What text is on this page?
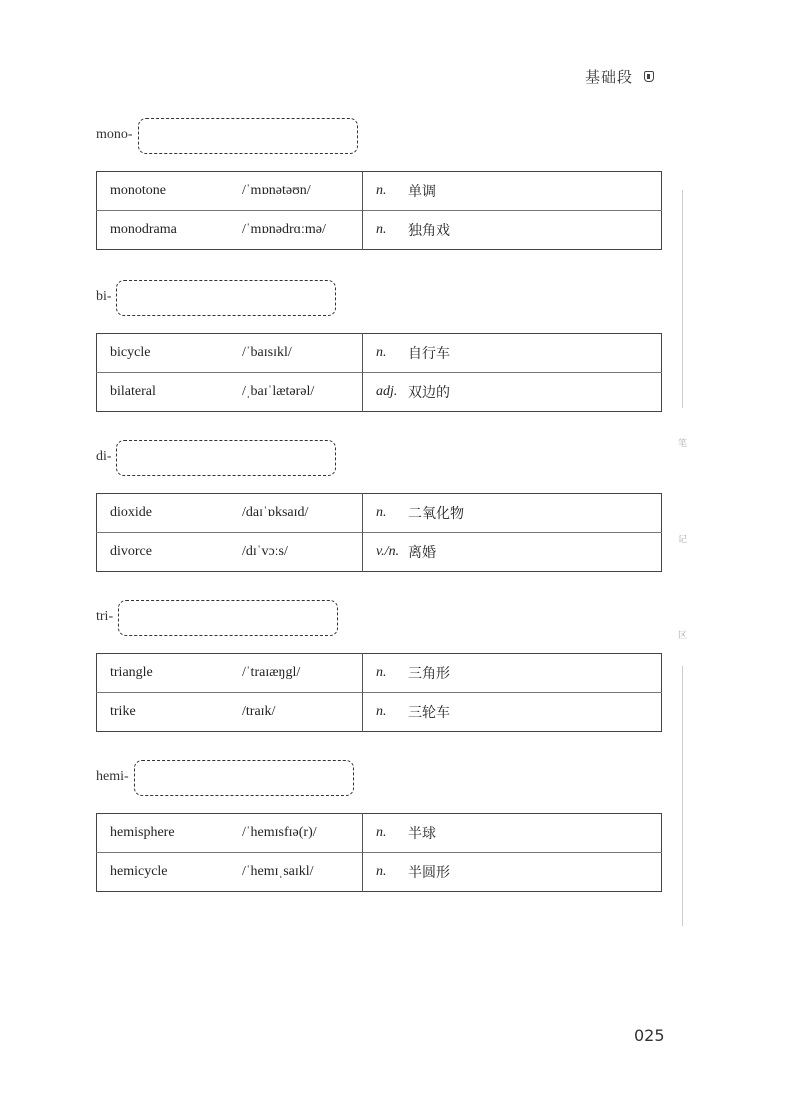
基础段
mono-
monotone	/ˈmɒnətəʊn/	n.	单调
monodrama	/ˈmɒnədrɑːmə/	n.	独角戏
bi-
bicycle	/ˈbaɪsɪkl/	n.	自行车
bilateral	/ˌbaɪˈlætərəl/	adj.	双边的
di-
dioxide	/daɪˈɒksaɪd/	n.	二氧化物
divorce	/dɪˈvɔːs/	v./n.	离婚
tri-
triangle	/ˈtraɪæŋgl/	n.	三角形
trike	/traɪk/	n.	三轮车
hemi-
hemisphere	/ˈhemɪsfɪə(r)/	n.	半球
hemicycle	/ˈhemɪˌsaɪkl/	n.	半圆形
笔
记
区
025
